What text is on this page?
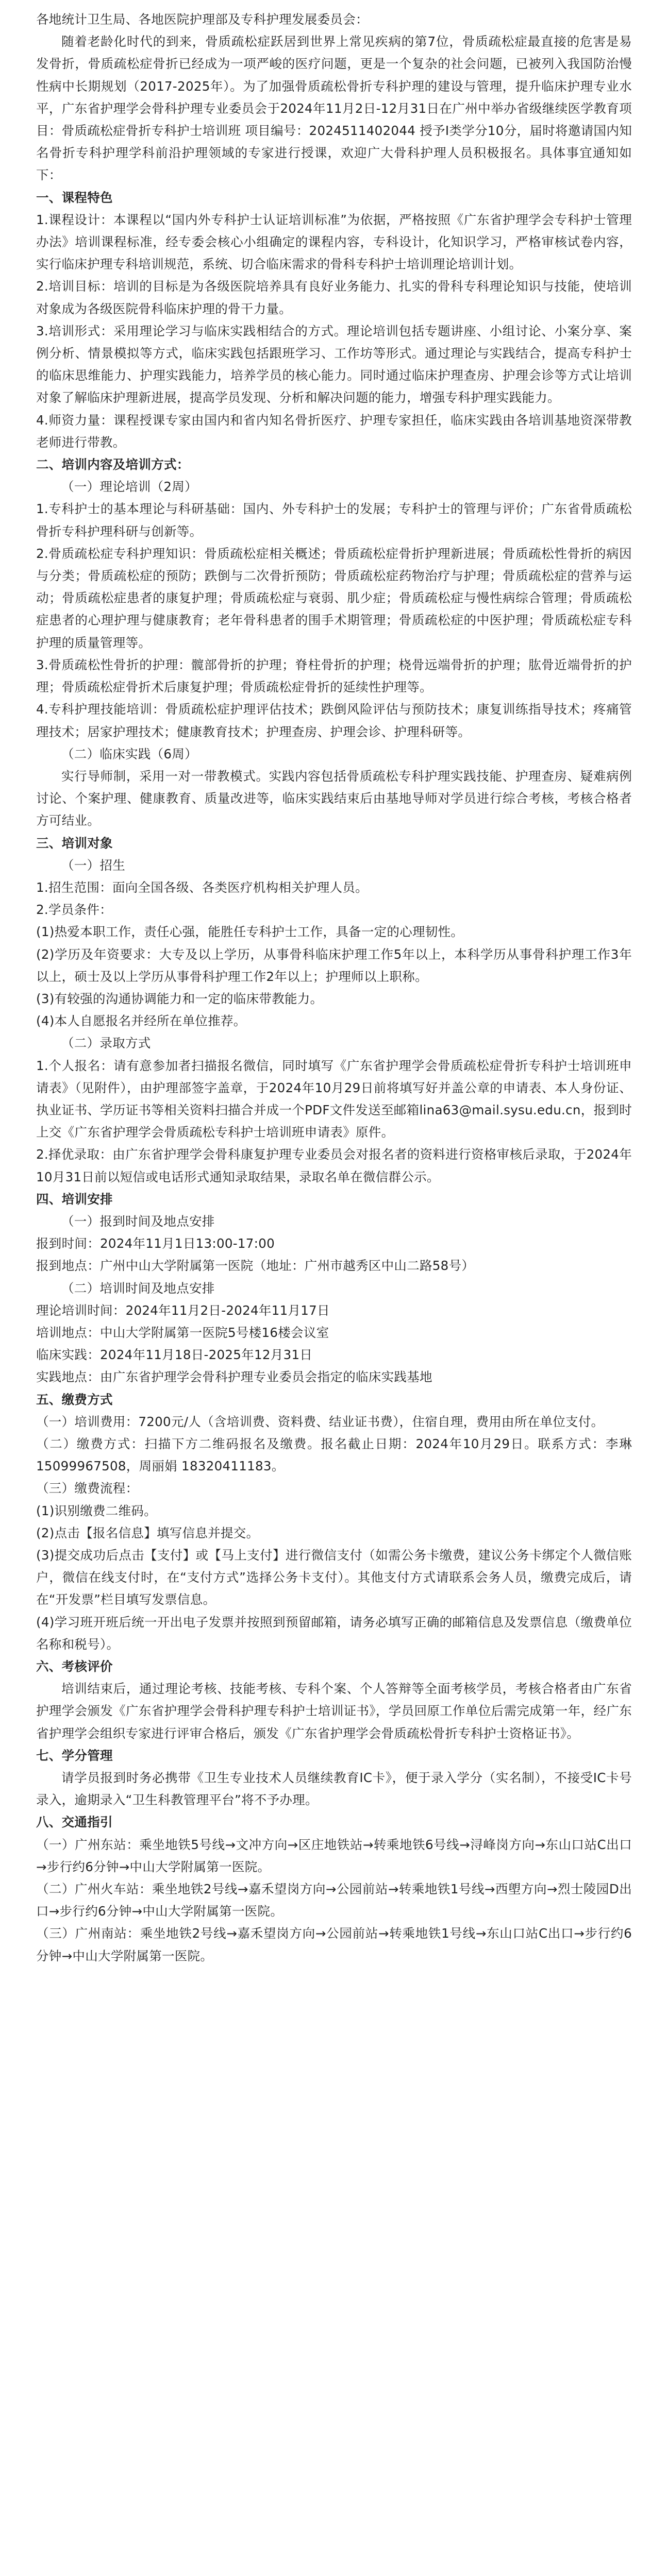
各地统计卫生局、各地医院护理部及专科护理发展委员会：

随着老龄化时代的到来，骨质疏松症跃居到世界上常见疾病的第7位，骨质疏松症最直接的危害是易发骨折，骨质疏松症骨折已经成为一项严峻的医疗问题，更是一个复杂的社会问题，已被列入我国防治慢性病中长期规划（2017-2025年）。为了加强骨质疏松骨折专科护理的建设与管理，提升临床护理专业水平，广东省护理学会骨科护理专业委员会于2024年11月2日-12月31日在广州中举办省级继续医学教育项目：骨质疏松症骨折专科护士培训班 项目编号：2024511402044 授予Ⅰ类学分10分，届时将邀请国内知名骨折专科护理学科前沿护理领域的专家进行授课，欢迎广大骨科护理人员积极报名。具体事宜通知如下：

一、课程特色

1.课程设计：本课程以“国内外专科护士认证培训标准”为依据，严格按照《广东省护理学会专科护士管理办法》培训课程标准，经专委会核心小组确定的课程内容，专科设计，化知识学习，严格审核试卷内容，实行临床护理专科培训规范，系统、切合临床需求的骨科专科护士培训理论培训计划。

2.培训目标：培训的目标是为各级医院培养具有良好业务能力、扎实的骨科专科理论知识与技能，使培训对象成为各级医院骨科临床护理的骨干力量。

3.培训形式：采用理论学习与临床实践相结合的方式。理论培训包括专题讲座、小组讨论、小案分享、案例分析、情景模拟等方式，临床实践包括跟班学习、工作坊等形式。通过理论与实践结合，提高专科护士的临床思维能力、护理实践能力，培养学员的核心能力。同时通过临床护理查房、护理会诊等方式让培训对象了解临床护理新进展，提高学员发现、分析和解决问题的能力，增强专科护理实践能力。

4.师资力量：课程授课专家由国内和省内知名骨折医疗、护理专家担任，临床实践由各培训基地资深带教老师进行带教。

二、培训内容及培训方式：

（一）理论培训（2周）

1.专科护士的基本理论与科研基础：国内、外专科护士的发展；专科护士的管理与评价；广东省骨质疏松骨折专科护理科研与创新等。

2.骨质疏松症专科护理知识：骨质疏松症相关概述；骨质疏松症骨折护理新进展；骨质疏松性骨折的病因与分类；骨质疏松症的预防；跌倒与二次骨折预防；骨质疏松症药物治疗与护理；骨质疏松症的营养与运动；骨质疏松症患者的康复护理；骨质疏松症与衰弱、肌少症；骨质疏松症与慢性病综合管理；骨质疏松症患者的心理护理与健康教育；老年骨科患者的围手术期管理；骨质疏松症的中医护理；骨质疏松症专科护理的质量管理等。

3.骨质疏松性骨折的护理：髋部骨折的护理；脊柱骨折的护理；桡骨远端骨折的护理；肱骨近端骨折的护理；骨质疏松症骨折术后康复护理；骨质疏松症骨折的延续性护理等。

4.专科护理技能培训：骨质疏松症护理评估技术；跌倒风险评估与预防技术；康复训练指导技术；疼痛管理技术；居家护理技术；健康教育技术；护理查房、护理会诊、护理科研等。

（二）临床实践（6周）

实行导师制，采用一对一带教模式。实践内容包括骨质疏松专科护理实践技能、护理查房、疑难病例讨论、个案护理、健康教育、质量改进等，临床实践结束后由基地导师对学员进行综合考核，考核合格者方可结业。

三、培训对象

（一）招生

1.招生范围：面向全国各级、各类医疗机构相关护理人员。

2.学员条件：

(1)热爱本职工作，责任心强，能胜任专科护士工作，具备一定的心理韧性。

(2)学历及年资要求：大专及以上学历，从事骨科临床护理工作5年以上，本科学历从事骨科护理工作3年以上，硕士及以上学历从事骨科护理工作2年以上；护理师以上职称。

(3)有较强的沟通协调能力和一定的临床带教能力。

(4)本人自愿报名并经所在单位推荐。

（二）录取方式

1.个人报名：请有意参加者扫描报名微信，同时填写《广东省护理学会骨质疏松症骨折专科护士培训班申请表》（见附件），由护理部签字盖章，于2024年10月29日前将填写好并盖公章的申请表、本人身份证、执业证书、学历证书等相关资料扫描合并成一个PDF文件发送至邮箱lina63@mail.sysu.edu.cn，报到时上交《广东省护理学会骨质疏松专科护士培训班申请表》原件。

2.择优录取：由广东省护理学会骨科康复护理专业委员会对报名者的资料进行资格审核后录取，于2024年10月31日前以短信或电话形式通知录取结果，录取名单在微信群公示。

四、培训安排

（一）报到时间及地点安排

报到时间：2024年11月1日13:00-17:00

报到地点：广州中山大学附属第一医院（地址：广州市越秀区中山二路58号）

（二）培训时间及地点安排

理论培训时间：2024年11月2日-2024年11月17日

培训地点：中山大学附属第一医院5号楼16楼会议室

临床实践：2024年11月18日-2025年12月31日

实践地点：由广东省护理学会骨科护理专业委员会指定的临床实践基地

五、缴费方式

（一）培训费用：7200元/人（含培训费、资料费、结业证书费），住宿自理，费用由所在单位支付。

（二）缴费方式：扫描下方二维码报名及缴费。报名截止日期：2024年10月29日。联系方式：李琳 15099967508，周丽娟 18320411183。

（三）缴费流程：

(1)识别缴费二维码。

(2)点击【报名信息】填写信息并提交。

(3)提交成功后点击【支付】或【马上支付】进行微信支付（如需公务卡缴费，建议公务卡绑定个人微信账户，微信在线支付时，在“支付方式”选择公务卡支付）。其他支付方式请联系会务人员，缴费完成后，请在“开发票”栏目填写发票信息。

(4)学习班开班后统一开出电子发票并按照到预留邮箱，请务必填写正确的邮箱信息及发票信息（缴费单位名称和税号）。

六、考核评价

培训结束后，通过理论考核、技能考核、专科个案、个人答辩等全面考核学员，考核合格者由广东省护理学会颁发《广东省护理学会骨科护理专科护士培训证书》，学员回原工作单位后需完成第一年，经广东省护理学会组织专家进行评审合格后，颁发《广东省护理学会骨质疏松骨折专科护士资格证书》。

七、学分管理

请学员报到时务必携带《卫生专业技术人员继续教育IC卡》，便于录入学分（实名制），不接受IC卡号录入，逾期录入“卫生科教管理平台”将不予办理。

八、交通指引

（一）广州东站：乘坐地铁5号线→文冲方向→区庄地铁站→转乘地铁6号线→浔峰岗方向→东山口站C出口→步行约6分钟→中山大学附属第一医院。

（二）广州火车站：乘坐地铁2号线→嘉禾望岗方向→公园前站→转乘地铁1号线→西塱方向→烈士陵园D出口→步行约6分钟→中山大学附属第一医院。

（三）广州南站：乘坐地铁2号线→嘉禾望岗方向→公园前站→转乘地铁1号线→东山口站C出口→步行约6分钟→中山大学附属第一医院。
